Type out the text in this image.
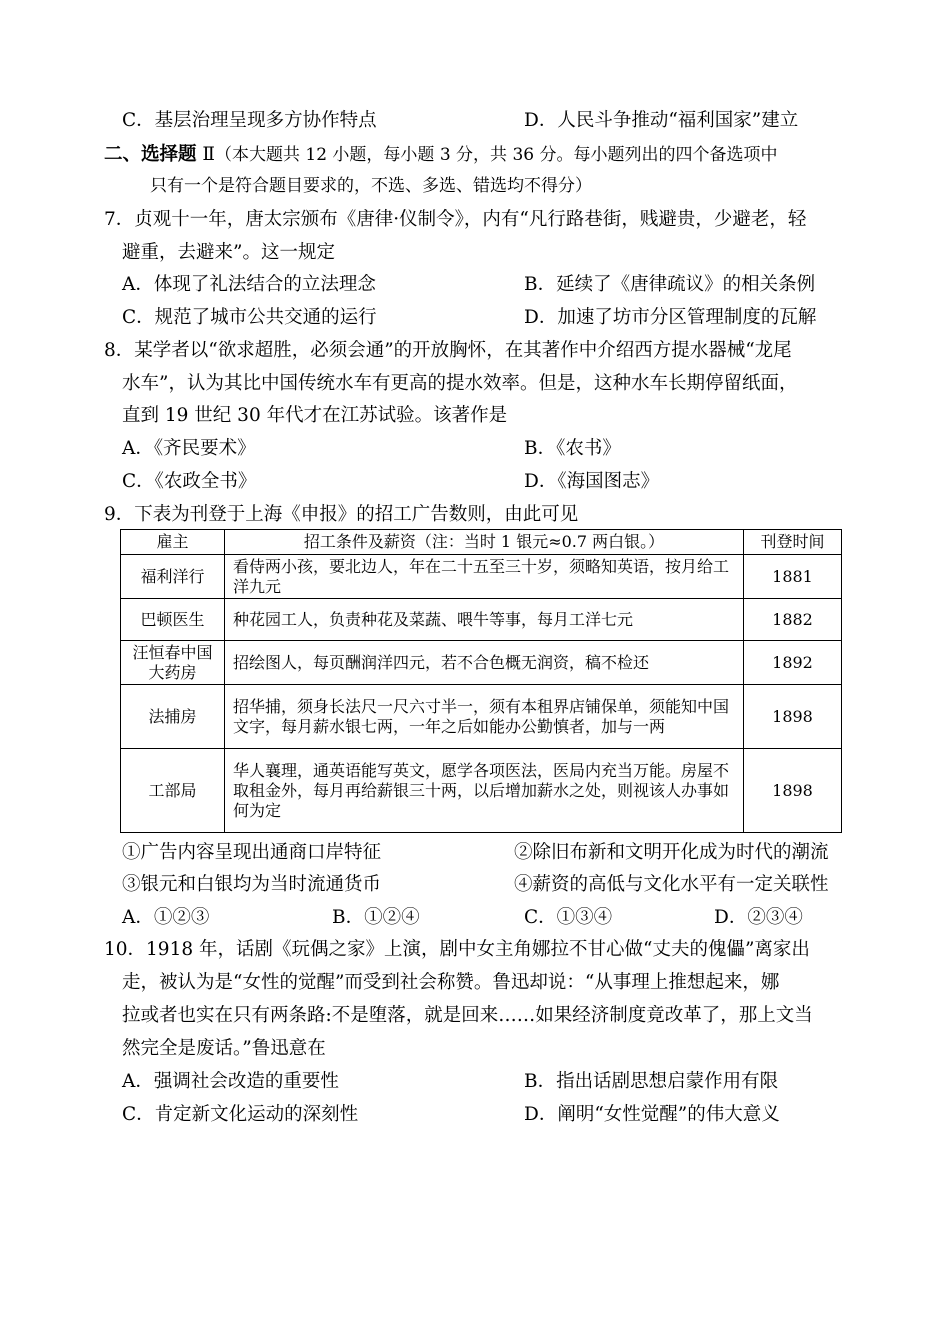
C．基层治理呈现多方协作特点	D．人民斗争推动“福利国家”建立
二、选择题 Ⅱ（本大题共 12 小题，每小题 3 分，共 36 分。每小题列出的四个备选项中
只有一个是符合题目要求的，不选、多选、错选均不得分）
7．贞观十一年，唐太宗颁布《唐律·仪制令》，内有“凡行路巷街，贱避贵，少避老，轻
避重，去避来”。这一规定
A．体现了礼法结合的立法理念	B．延续了《唐律疏议》的相关条例
C．规范了城市公共交通的运行	D．加速了坊市分区管理制度的瓦解
8．某学者以“欲求超胜，必须会通”的开放胸怀，在其著作中介绍西方提水器械“龙尾
水车”，认为其比中国传统水车有更高的提水效率。但是，这种水车长期停留纸面，
直到 19 世纪 30 年代才在江苏试验。该著作是
A．《齐民要术》	B．《农书》
C．《农政全书》	D．《海国图志》
9．下表为刊登于上海《申报》的招工广告数则，由此可见
雇主	招工条件及薪资（注：当时 1 银元≈0.7 两白银。）	刊登时间
福利洋行	看侍两小孩，要北边人，年在二十五至三十岁，须略知英语，按月给工洋九元	1881
巴顿医生	种花园工人，负责种花及菜蔬、喂牛等事，每月工洋七元	1882
汪恒春中国大药房	招绘图人，每页酬润洋四元，若不合色概无润资，稿不检还	1892
法捕房	招华捕，须身长法尺一尺六寸半一，须有本租界店铺保单，须能知中国文字，每月薪水银七两，一年之后如能办公勤慎者，加与一两	1898
工部局	华人襄理，通英语能写英文，愿学各项医法，医局内充当万能。房屋不取租金外，每月再给薪银三十两，以后增加薪水之处，则视该人办事如何为定	1898
①广告内容呈现出通商口岸特征	②除旧布新和文明开化成为时代的潮流
③银元和白银均为当时流通货币	④薪资的高低与文化水平有一定关联性
A．①②③	B．①②④	C．①③④	D．②③④
10．1918 年，话剧《玩偶之家》上演，剧中女主角娜拉不甘心做“丈夫的傀儡”离家出
走，被认为是“女性的觉醒”而受到社会称赞。鲁迅却说：“从事理上推想起来，娜
拉或者也实在只有两条路:不是堕落，就是回来……如果经济制度竟改革了，那上文当
然完全是废话。”鲁迅意在
A．强调社会改造的重要性	B．指出话剧思想启蒙作用有限
C．肯定新文化运动的深刻性	D．阐明“女性觉醒”的伟大意义
